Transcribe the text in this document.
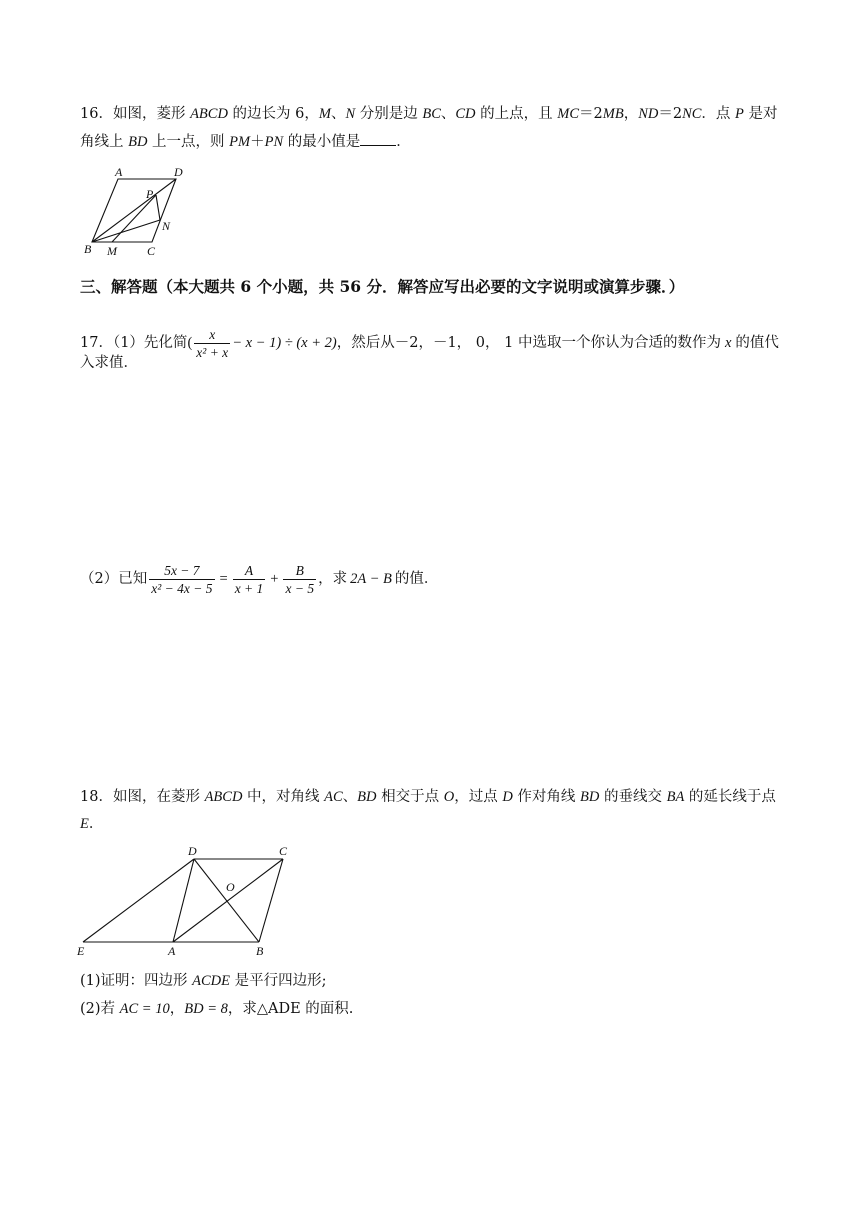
16．如图，菱形 ABCD 的边长为 6，M、N 分别是边 BC、CD 的上点，且 MC＝2MB，ND＝2NC．点 P 是对
角线上 BD 上一点，则 PM＋PN 的最小值是 ．
A	D
P
N
B M	C
三、解答题（本大题共 6 个小题，共 56 分．解答应写出必要的文字说明或演算步骤．）
17．（1）先化简 ( $\frac{x}{\text{x² + x}} - x - 1) \div (x + 2)$ ，然后从－2，－1， 0， 1 中选取一个你认为合适的数作为 x 的值代
入求值．
（2）已知 $\frac{5x - 7}{\text{x² − 4x − 5}} = \frac{A}{x + 1} + \frac{B}{x - 5}$ ，求 2A − B 的值．
18．如图，在菱形 ABCD 中，对角线 AC、BD 相交于点 O，过点 D 作对角线 BD 的垂线交 BA 的延长线于点
E．
D	C
O
E	A	B
(1)证明：四边形 ACDE 是平行四边形;
(2)若 AC = 10，BD = 8，求△ADE 的面积.
